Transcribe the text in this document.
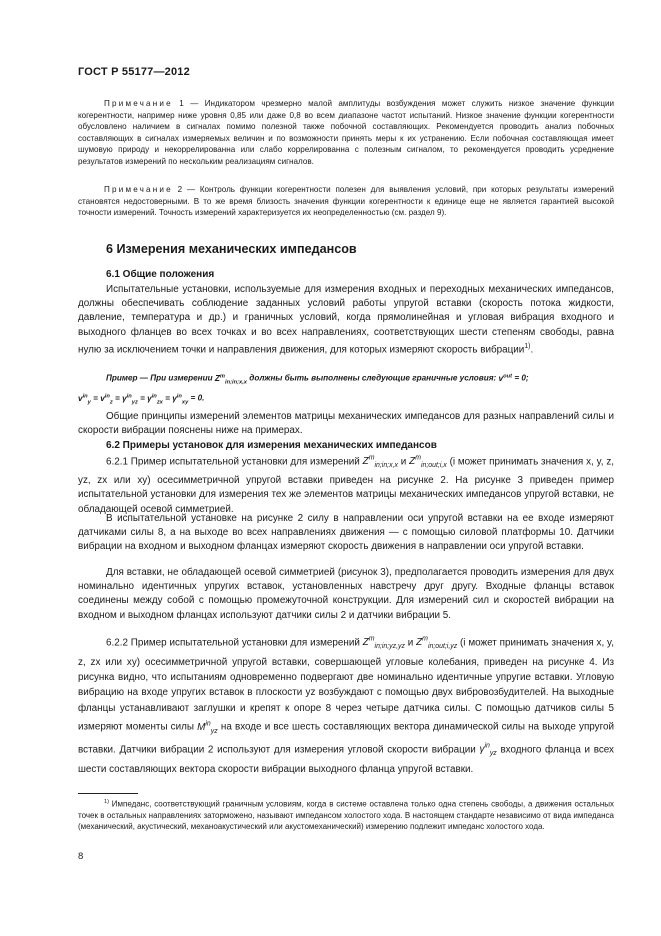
ГОСТ Р 55177—2012

Примечание 1 — Индикатором чрезмерно малой амплитуды возбуждения может служить низкое значение функции когерентности, например ниже уровня 0,85 или даже 0,8 во всем диапазоне частот испытаний. Низкое значение функции когерентности обусловлено наличием в сигналах помимо полезной также побочной составляющих. Рекомендуется проводить анализ побочных составляющих в сигналах измеряемых величин и по возможности принять меры к их устранению. Если побочная составляющая имеет шумовую природу и некоррелированна или слабо коррелированна с полезным сигналом, то рекомендуется проводить усреднение результатов измерений по нескольким реализациям сигналов.

Примечание 2 — Контроль функции когерентности полезен для выявления условий, при которых результаты измерений становятся недостоверными. В то же время близость значения функции когерентности к единице еще не является гарантией высокой точности измерений. Точность измерений характеризуется их неопределенностью (см. раздел 9).

6 Измерения механических импедансов
6.1 Общие положения

Испытательные установки, используемые для измерения входных и переходных механических импедансов, должны обеспечивать соблюдение заданных условий работы упругой вставки (скорость потока жидкости, давление, температура и др.) и граничных условий, когда прямолинейная и угловая вибрация входного и выходного фланцев во всех точках и во всех направлениях, соответствующих шести степеням свободы, равна нулю за исключением точки и направления движения, для которых измеряют скорость вибрации$^{1)}$.

Пример — При измерении $Z^m_{in;in;x,x}$ должны быть выполнены следующие граничные условия: $v^{out} = 0$;

$v^{in}_y = v^{in}_z = \gamma^{in}_{yz} = \gamma^{in}_{zx} = \gamma^{in}_{xy} = 0$.

Общие принципы измерений элементов матрицы механических импедансов для разных направлений силы и скорости вибрации пояснены ниже на примерах.

6.2 Примеры установок для измерения механических импедансов

6.2.1 Пример испытательной установки для измерений $Z^m_{in;in;x,x}$ и $Z^m_{in;out;i,x}$ (i может принимать значения x, y, z, yz, zx или xy) осесимметричной упругой вставки приведен на рисунке 2. На рисунке 3 приведен пример испытательной установки для измерения тех же элементов матрицы механических импедансов упругой вставки, не обладающей осевой симметрией.

В испытательной установке на рисунке 2 силу в направлении оси упругой вставки на ее входе измеряют датчиками силы 8, а на выходе во всех направлениях движения — с помощью силовой платформы 10. Датчики вибрации на входном и выходном фланцах измеряют скорость движения в направлении оси упругой вставки.

Для вставки, не обладающей осевой симметрией (рисунок 3), предполагается проводить измерения для двух номинально идентичных упругих вставок, установленных навстречу друг другу. Входные фланцы вставок соединены между собой с помощью промежуточной конструкции. Для измерений сил и скоростей вибрации на входном и выходном фланцах используют датчики силы 2 и датчики вибрации 5.

6.2.2 Пример испытательной установки для измерений $Z^m_{in;in;yz,yz}$ и $Z^m_{in;out;i,yz}$ (i может принимать значения x, y, z, zx или xy) осесимметричной упругой вставки, совершающей угловые колебания, приведен на рисунке 4. Из рисунка видно, что испытаниям одновременно подвергают две номинально идентичные упругие вставки. Угловую вибрацию на входе упругих вставок в плоскости yz возбуждают с помощью двух вибровозбудителей. На выходные фланцы устанавливают заглушки и крепят к опоре 8 через четыре датчика силы. С помощью датчиков силы 5 измеряют моменты силы $M^{in}_{yz}$ на входе и все шесть составляющих вектора динамической силы на выходе упругой вставки. Датчики вибрации 2 используют для измерения угловой скорости вибрации $\gamma^{in}_{yz}$ входного фланца и всех шести составляющих вектора скорости вибрации выходного фланца упругой вставки.

$^{1)}$ Импеданс, соответствующий граничным условиям, когда в системе оставлена только одна степень свободы, а движения остальных точек в остальных направлениях заторможено, называют импедансом холостого хода. В настоящем стандарте независимо от вида импеданса (механический, акустический, механоакустический или акустомеханический) измерению подлежит импеданс холостого хода.

8
